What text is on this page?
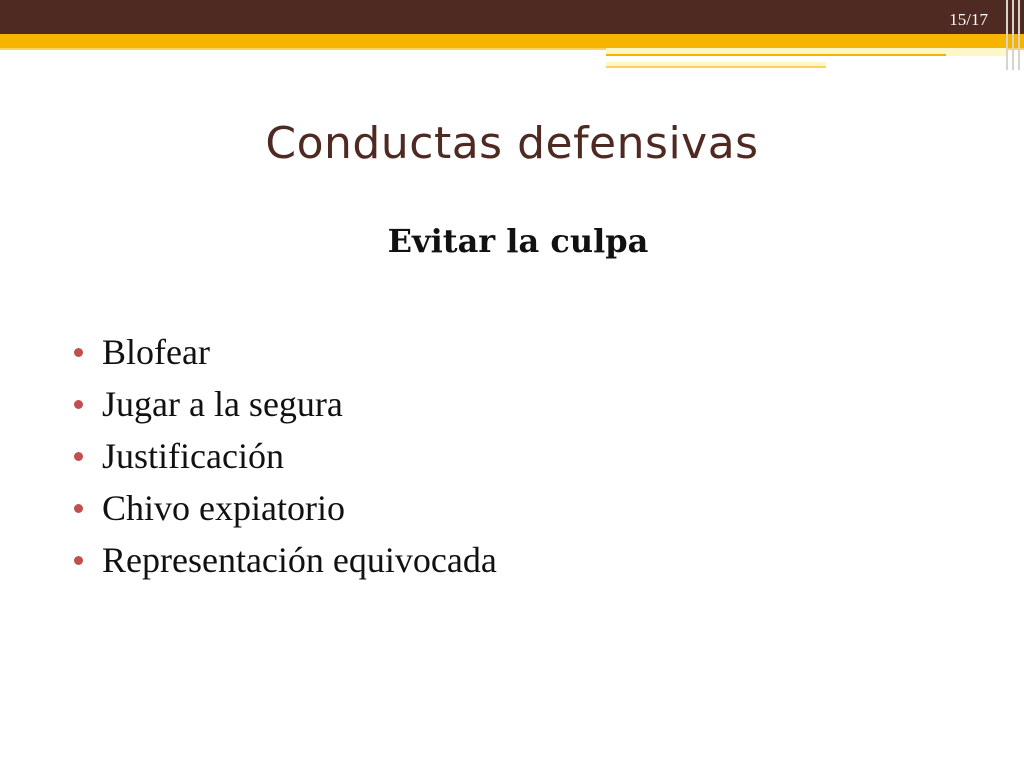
15/17
Conductas defensivas
Evitar la culpa
Blofear
Jugar a la segura
Justificación
Chivo expiatorio
Representación equivocada
